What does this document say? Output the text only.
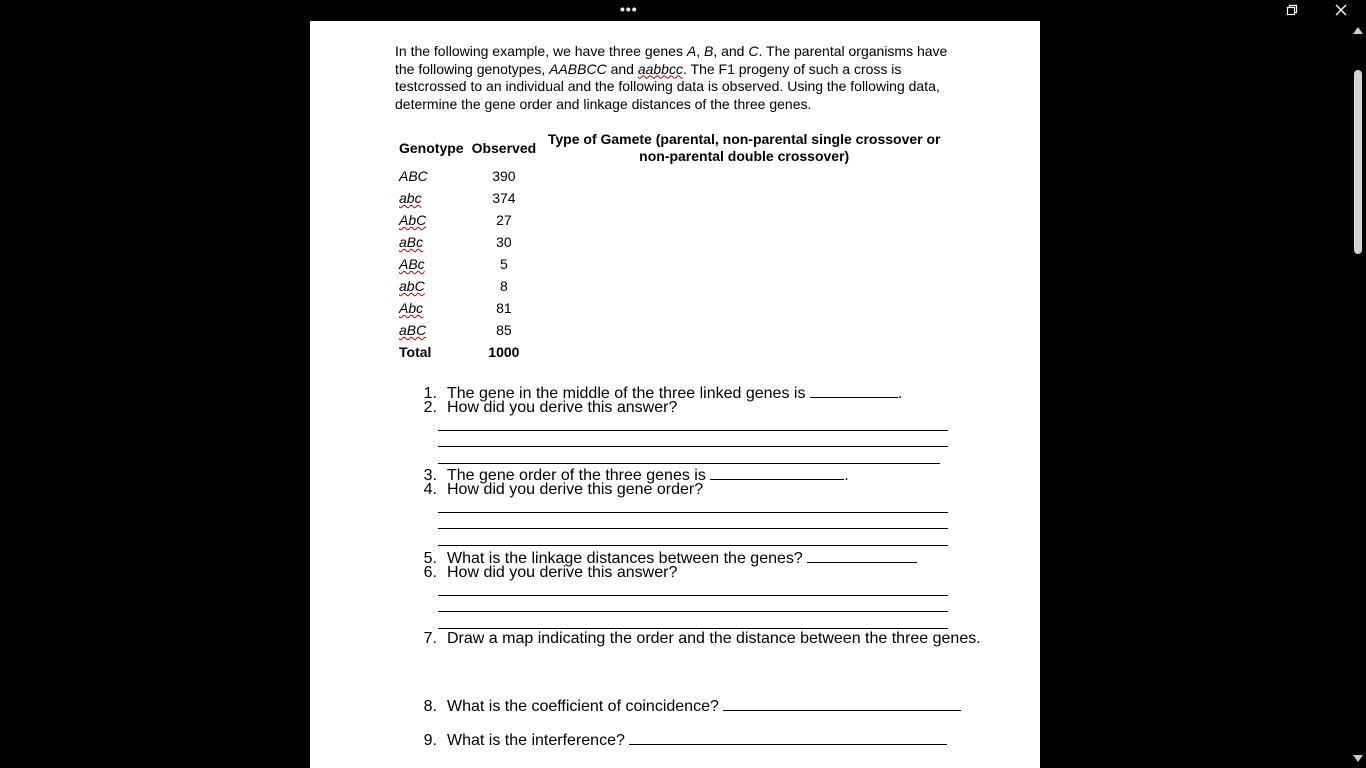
•••

In the following example, we have three genes A, B, and C. The parental organisms have the following genotypes, AABBCC and aabbcc. The F1 progeny of such a cross is testcrossed to an individual and the following data is observed. Using the following data, determine the gene order and linkage distances of the three genes.

Genotype	Observed	Type of Gamete (parental, non-parental single crossover or non-parental double crossover)
ABC	390	
abc	374	
AbC	27	
aBc	30	
ABc	5	
abC	8	
Abc	81	
aBC	85	
Total	1000	
1. The gene in the middle of the three linked genes is	.
2. How did you derive this answer?
3. The gene order of the three genes is	.
4. How did you derive this gene order?
5. What is the linkage distances between the genes?
6. How did you derive this answer?
7. Draw a map indicating the order and the distance between the three genes.
8. What is the coefficient of coincidence?
9. What is the interference?
